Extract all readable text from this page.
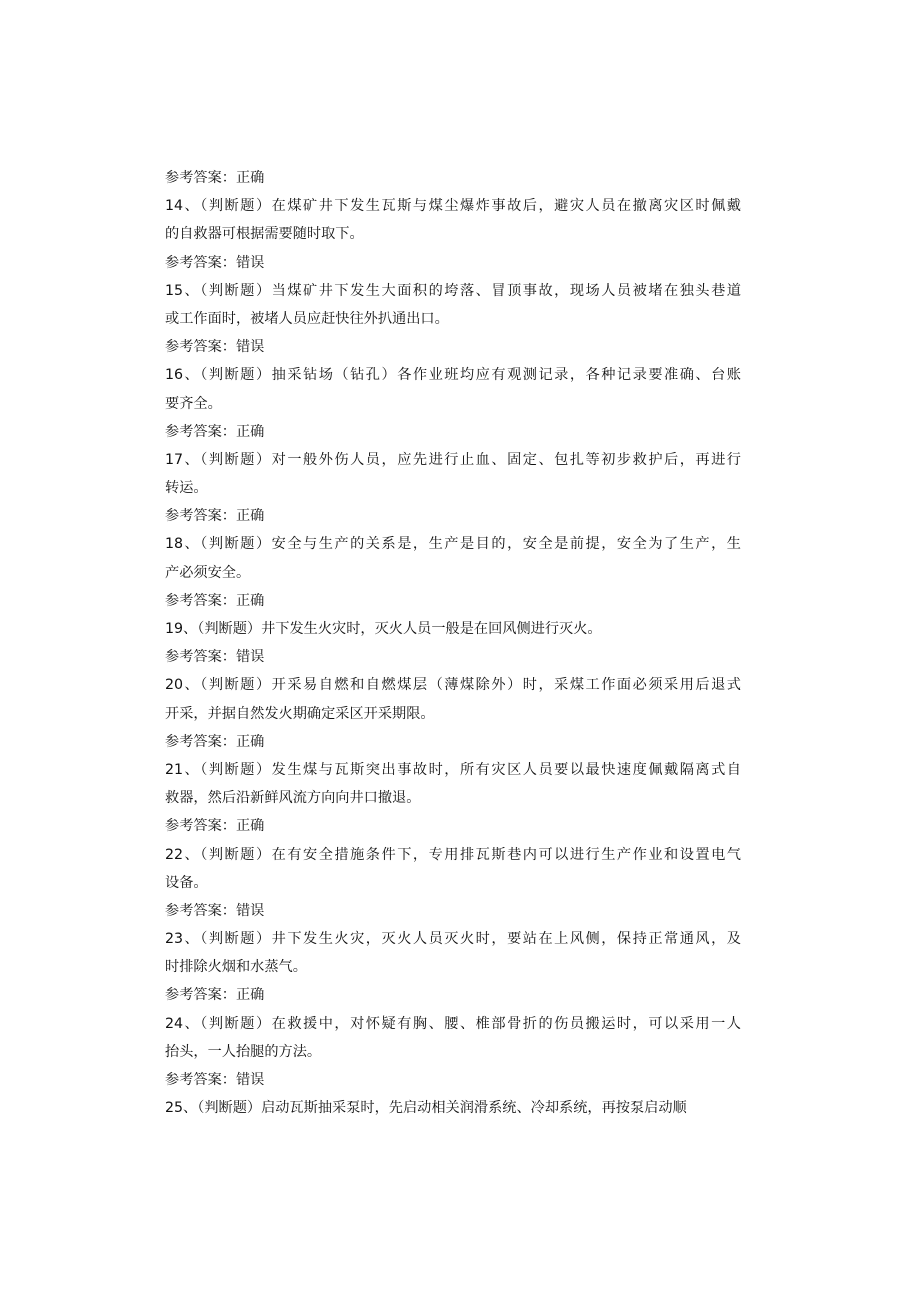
参考答案：正确
14、（判断题）在煤矿井下发生瓦斯与煤尘爆炸事故后，避灾人员在撤离灾区时佩戴
的自救器可根据需要随时取下。
参考答案：错误
15、（判断题）当煤矿井下发生大面积的垮落、冒顶事故，现场人员被堵在独头巷道
或工作面时，被堵人员应赶快往外扒通出口。
参考答案：错误
16、（判断题）抽采钻场（钻孔）各作业班均应有观测记录，各种记录要准确、台账
要齐全。
参考答案：正确
17、（判断题）对一般外伤人员，应先进行止血、固定、包扎等初步救护后，再进行
转运。
参考答案：正确
18、（判断题）安全与生产的关系是，生产是目的，安全是前提，安全为了生产，生
产必须安全。
参考答案：正确
19、（判断题）井下发生火灾时，灭火人员一般是在回风侧进行灭火。
参考答案：错误
20、（判断题）开采易自燃和自燃煤层（薄煤除外）时，采煤工作面必须采用后退式
开采，并据自然发火期确定采区开采期限。
参考答案：正确
21、（判断题）发生煤与瓦斯突出事故时，所有灾区人员要以最快速度佩戴隔离式自
救器，然后沿新鲜风流方向向井口撤退。
参考答案：正确
22、（判断题）在有安全措施条件下，专用排瓦斯巷内可以进行生产作业和设置电气
设备。
参考答案：错误
23、（判断题）井下发生火灾，灭火人员灭火时，要站在上风侧，保持正常通风，及
时排除火烟和水蒸气。
参考答案：正确
24、（判断题）在救援中，对怀疑有胸、腰、椎部骨折的伤员搬运时，可以采用一人
抬头，一人抬腿的方法。
参考答案：错误
25、（判断题）启动瓦斯抽采泵时，先启动相关润滑系统、冷却系统，再按泵启动顺
